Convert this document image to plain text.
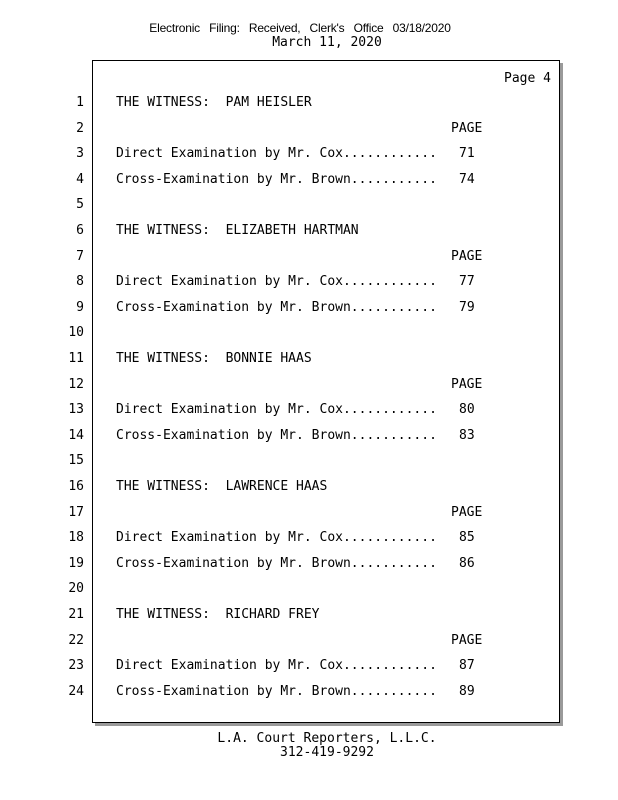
Electronic Filing: Received, Clerk's Office 03/18/2020
March 11, 2020
Page 4
1 THE WITNESS:  PAM HEISLER
2	PAGE
3 Direct Examination by Mr. Cox............ 71
4 Cross-Examination by Mr. Brown........... 74
5
6 THE WITNESS:  ELIZABETH HARTMAN
7	PAGE
8 Direct Examination by Mr. Cox............ 77
9 Cross-Examination by Mr. Brown........... 79
10
11 THE WITNESS:  BONNIE HAAS
12	PAGE
13 Direct Examination by Mr. Cox............ 80
14 Cross-Examination by Mr. Brown........... 83
15
16 THE WITNESS:  LAWRENCE HAAS
17	PAGE
18 Direct Examination by Mr. Cox............ 85
19 Cross-Examination by Mr. Brown........... 86
20
21 THE WITNESS:  RICHARD FREY
22	PAGE
23 Direct Examination by Mr. Cox............ 87
24 Cross-Examination by Mr. Brown........... 89
L.A. Court Reporters, L.L.C.
312-419-9292
